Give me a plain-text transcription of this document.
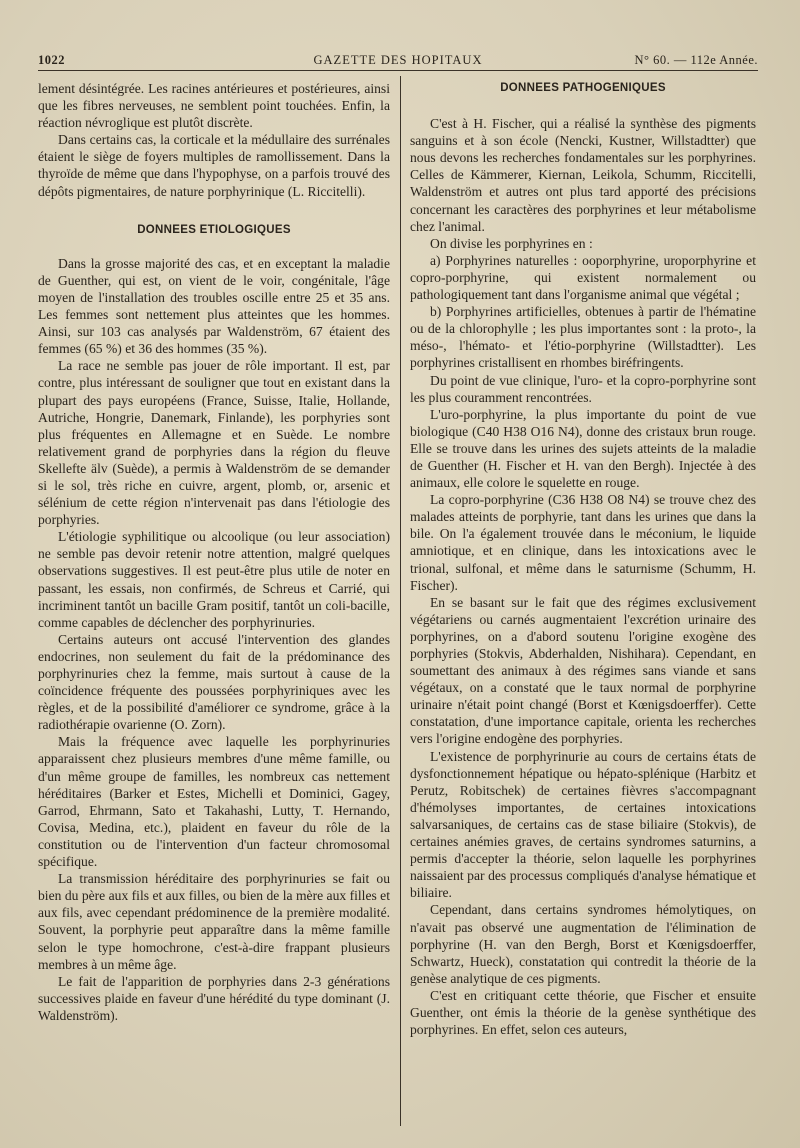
1022	GAZETTE DES HOPITAUX	N° 60. — 112e Année.

lement désintégrée. Les racines antérieures et postérieures, ainsi que les fibres nerveuses, ne semblent point touchées. Enfin, la réaction névroglique est plutôt discrète.

Dans certains cas, la corticale et la médullaire des surrénales étaient le siège de foyers multiples de ramollissement. Dans la thyroïde de même que dans l'hypophyse, on a parfois trouvé des dépôts pigmentaires, de nature porphyrinique (L. Riccitelli).

DONNEES ETIOLOGIQUES

Dans la grosse majorité des cas, et en exceptant la maladie de Guenther, qui est, on vient de le voir, congénitale, l'âge moyen de l'installation des troubles oscille entre 25 et 35 ans. Les femmes sont nettement plus atteintes que les hommes. Ainsi, sur 103 cas analysés par Waldenström, 67 étaient des femmes (65 %) et 36 des hommes (35 %).

La race ne semble pas jouer de rôle important. Il est, par contre, plus intéressant de souligner que tout en existant dans la plupart des pays européens (France, Suisse, Italie, Hollande, Autriche, Hongrie, Danemark, Finlande), les porphyries sont plus fréquentes en Allemagne et en Suède. Le nombre relativement grand de porphyries dans la région du fleuve Skellefte älv (Suède), a permis à Waldenström de se demander si le sol, très riche en cuivre, argent, plomb, or, arsenic et sélénium de cette région n'intervenait pas dans l'étiologie des porphyries.

L'étiologie syphilitique ou alcoolique (ou leur association) ne semble pas devoir retenir notre attention, malgré quelques observations suggestives. Il est peut-être plus utile de noter en passant, les essais, non confirmés, de Schreus et Carrié, qui incriminent tantôt un bacille Gram positif, tantôt un coli-bacille, comme capables de déclencher des porphyrinuries.

Certains auteurs ont accusé l'intervention des glandes endocrines, non seulement du fait de la prédominance des porphyrinuries chez la femme, mais surtout à cause de la coïncidence fréquente des poussées porphyriniques avec les règles, et de la possibilité d'améliorer ce syndrome, grâce à la radiothérapie ovarienne (O. Zorn).

Mais la fréquence avec laquelle les porphyrinuries apparaissent chez plusieurs membres d'une même famille, ou d'un même groupe de familles, les nombreux cas nettement héréditaires (Barker et Estes, Michelli et Dominici, Gagey, Garrod, Ehrmann, Sato et Takahashi, Lutty, T. Hernando, Covisa, Medina, etc.), plaident en faveur du rôle de la constitution ou de l'intervention d'un facteur chromosomal spécifique.

La transmission héréditaire des porphyrinuries se fait ou bien du père aux fils et aux filles, ou bien de la mère aux filles et aux fils, avec cependant prédominence de la première modalité. Souvent, la porphyrie peut apparaître dans la même famille selon le type homochrone, c'est-à-dire frappant plusieurs membres à un même âge.

Le fait de l'apparition de porphyries dans 2-3 générations successives plaide en faveur d'une hérédité du type dominant (J. Waldenström).

DONNEES PATHOGENIQUES

C'est à H. Fischer, qui a réalisé la synthèse des pigments sanguins et à son école (Nencki, Kustner, Willstadtter) que nous devons les recherches fondamentales sur les porphyrines. Celles de Kämmerer, Kiernan, Leikola, Schumm, Riccitelli, Waldenström et autres ont plus tard apporté des précisions concernant les caractères des porphyrines et leur métabolisme chez l'animal.

On divise les porphyrines en :

a) Porphyrines naturelles : ooporphyrine, uroporphyrine et copro-porphyrine, qui existent normalement ou pathologiquement tant dans l'organisme animal que végétal ;

b) Porphyrines artificielles, obtenues à partir de l'hématine ou de la chlorophylle ; les plus importantes sont : la proto-, la méso-, l'hémato- et l'étio-porphyrine (Willstadtter). Les porphyrines cristallisent en rhombes biréfringents.

Du point de vue clinique, l'uro- et la copro-porphyrine sont les plus couramment rencontrées.

L'uro-porphyrine, la plus importante du point de vue biologique (C40 H38 O16 N4), donne des cristaux brun rouge. Elle se trouve dans les urines des sujets atteints de la maladie de Guenther (H. Fischer et H. van den Bergh). Injectée à des animaux, elle colore le squelette en rouge.

La copro-porphyrine (C36 H38 O8 N4) se trouve chez des malades atteints de porphyrie, tant dans les urines que dans la bile. On l'a également trouvée dans le méconium, le liquide amniotique, et en clinique, dans les intoxications avec le trional, sulfonal, et même dans le saturnisme (Schumm, H. Fischer).

En se basant sur le fait que des régimes exclusivement végétariens ou carnés augmentaient l'excrétion urinaire des porphyrines, on a d'abord soutenu l'origine exogène des porphyries (Stokvis, Abderhalden, Nishihara). Cependant, en soumettant des animaux à des régimes sans viande et sans végétaux, on a constaté que le taux normal de porphyrine urinaire n'était point changé (Borst et Kœnigsdoerffer). Cette constatation, d'une importance capitale, orienta les recherches vers l'origine endogène des porphyries.

L'existence de porphyrinurie au cours de certains états de dysfonctionnement hépatique ou hépato-splénique (Harbitz et Perutz, Robitschek) de certaines fièvres s'accompagnant d'hémolyses importantes, de certaines intoxications salvarsaniques, de certains cas de stase biliaire (Stokvis), de certaines anémies graves, de certains syndromes saturnins, a permis d'accepter la théorie, selon laquelle les porphyrines naissaient par des processus compliqués d'analyse hématique et biliaire.

Cependant, dans certains syndromes hémolytiques, on n'avait pas observé une augmentation de l'élimination de porphyrine (H. van den Bergh, Borst et Kœnigsdoerffer, Schwartz, Hueck), constatation qui contredit la théorie de la genèse analytique de ces pigments.

C'est en critiquant cette théorie, que Fischer et ensuite Guenther, ont émis la théorie de la genèse synthétique des porphyrines. En effet, selon ces auteurs,
